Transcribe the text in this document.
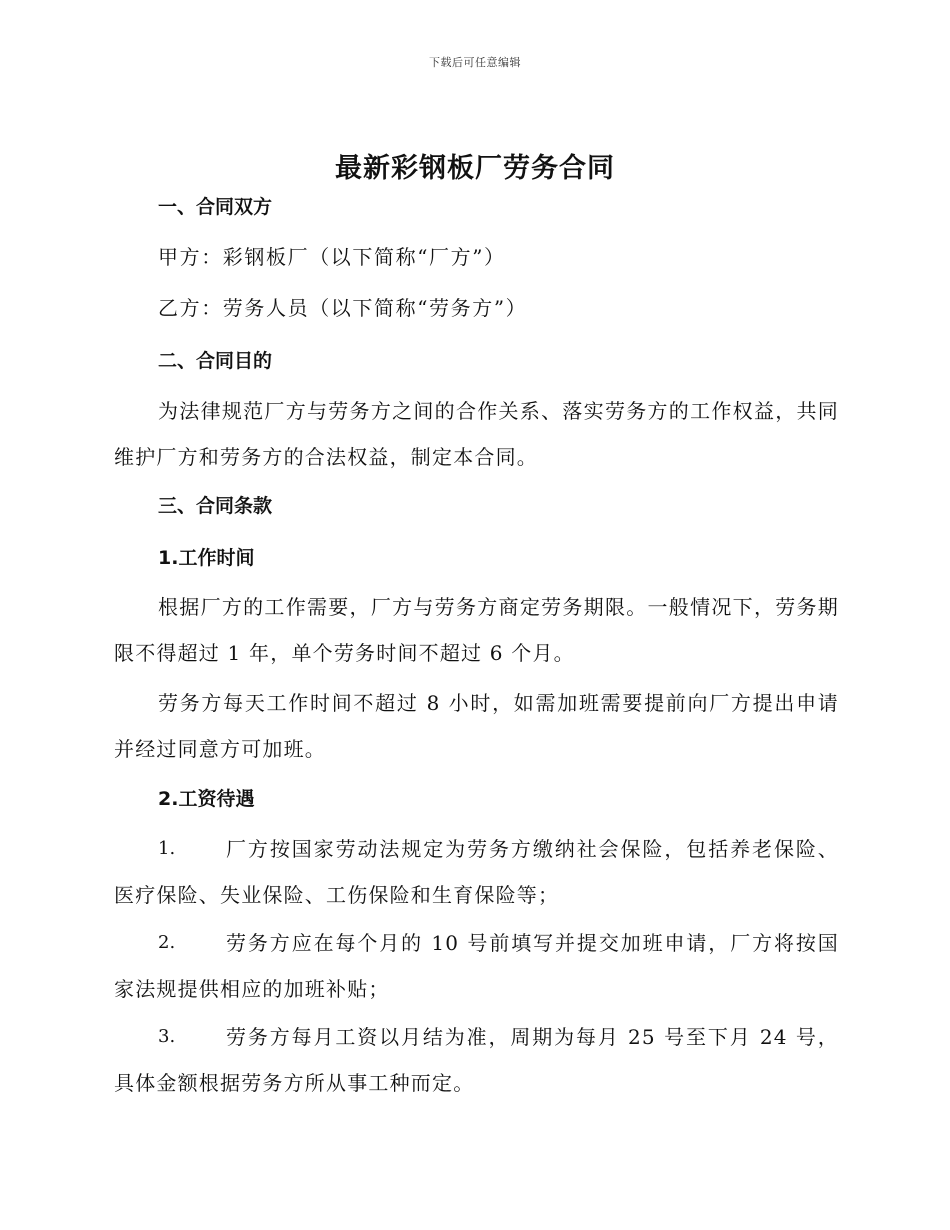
下载后可任意编辑
最新彩钢板厂劳务合同
一、合同双方
甲方：彩钢板厂（以下简称“厂方”）
乙方：劳务人员（以下简称“劳务方”）
二、合同目的
为法律规范厂方与劳务方之间的合作关系、落实劳务方的工作权益，共同维护厂方和劳务方的合法权益，制定本合同。
三、合同条款
1.工作时间
根据厂方的工作需要，厂方与劳务方商定劳务期限。一般情况下，劳务期限不得超过 1 年，单个劳务时间不超过 6 个月。
劳务方每天工作时间不超过 8 小时，如需加班需要提前向厂方提出申请并经过同意方可加班。
2.工资待遇
1.	厂方按国家劳动法规定为劳务方缴纳社会保险，包括养老保险、医疗保险、失业保险、工伤保险和生育保险等；
2.	劳务方应在每个月的 10 号前填写并提交加班申请，厂方将按国家法规提供相应的加班补贴；
3.	劳务方每月工资以月结为准，周期为每月 25 号至下月 24 号，具体金额根据劳务方所从事工种而定。
